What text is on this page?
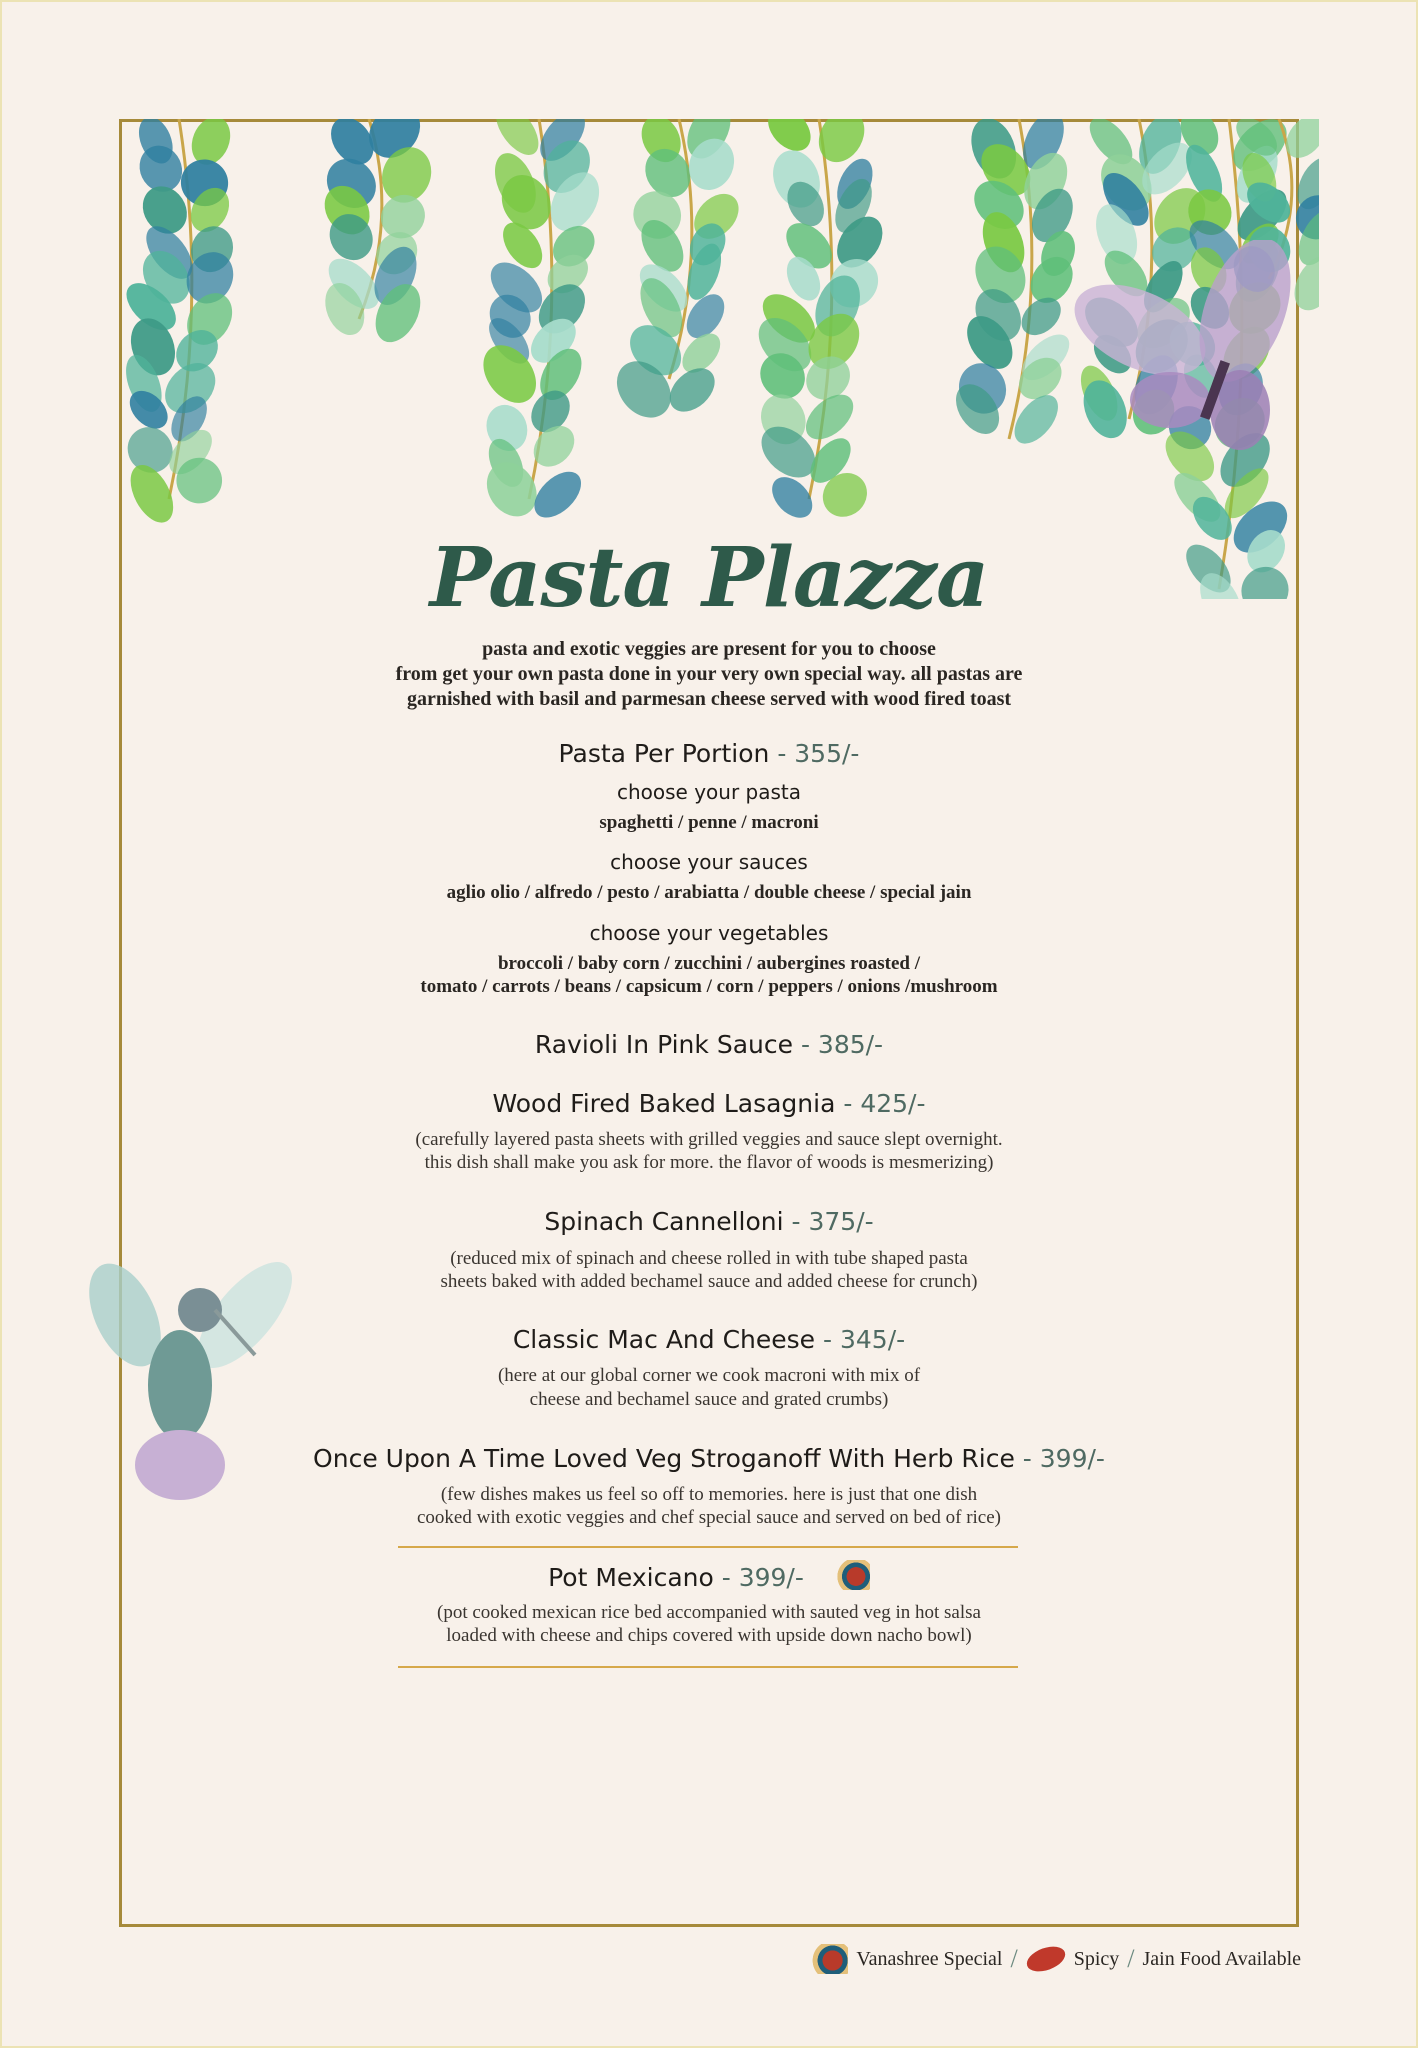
Pasta Plazza
pasta and exotic veggies are present for you to choose
from get your own pasta done in your very own special way. all pastas are
garnished with basil and parmesan cheese served with wood fired toast
Pasta Per Portion - 355/-
choose your pasta
spaghetti / penne / macroni
choose your sauces
aglio olio / alfredo / pesto / arabiatta / double cheese / special jain
choose your vegetables
broccoli / baby corn / zucchini / aubergines roasted /
tomato / carrots / beans / capsicum / corn / peppers / onions /mushroom
Ravioli In Pink Sauce - 385/-
Wood Fired Baked Lasagnia - 425/-
(carefully layered pasta sheets with grilled veggies and sauce slept overnight.
this dish shall make you ask for more. the flavor of woods is mesmerizing)
Spinach Cannelloni - 375/-
(reduced mix of spinach and cheese rolled in with tube shaped pasta
sheets baked with added bechamel sauce and added cheese for crunch)
Classic Mac And Cheese - 345/-
(here at our global corner we cook macroni with mix of
cheese and bechamel sauce and grated crumbs)
Once Upon A Time Loved Veg Stroganoff With Herb Rice - 399/-
(few dishes makes us feel so off to memories. here is just that one dish
cooked with exotic veggies and chef special sauce and served on bed of rice)
Pot Mexicano - 399/-
(pot cooked mexican rice bed accompanied with sauted veg in hot salsa
loaded with cheese and chips covered with upside down nacho bowl)
Vanashree Special /	Spicy / Jain Food Available
